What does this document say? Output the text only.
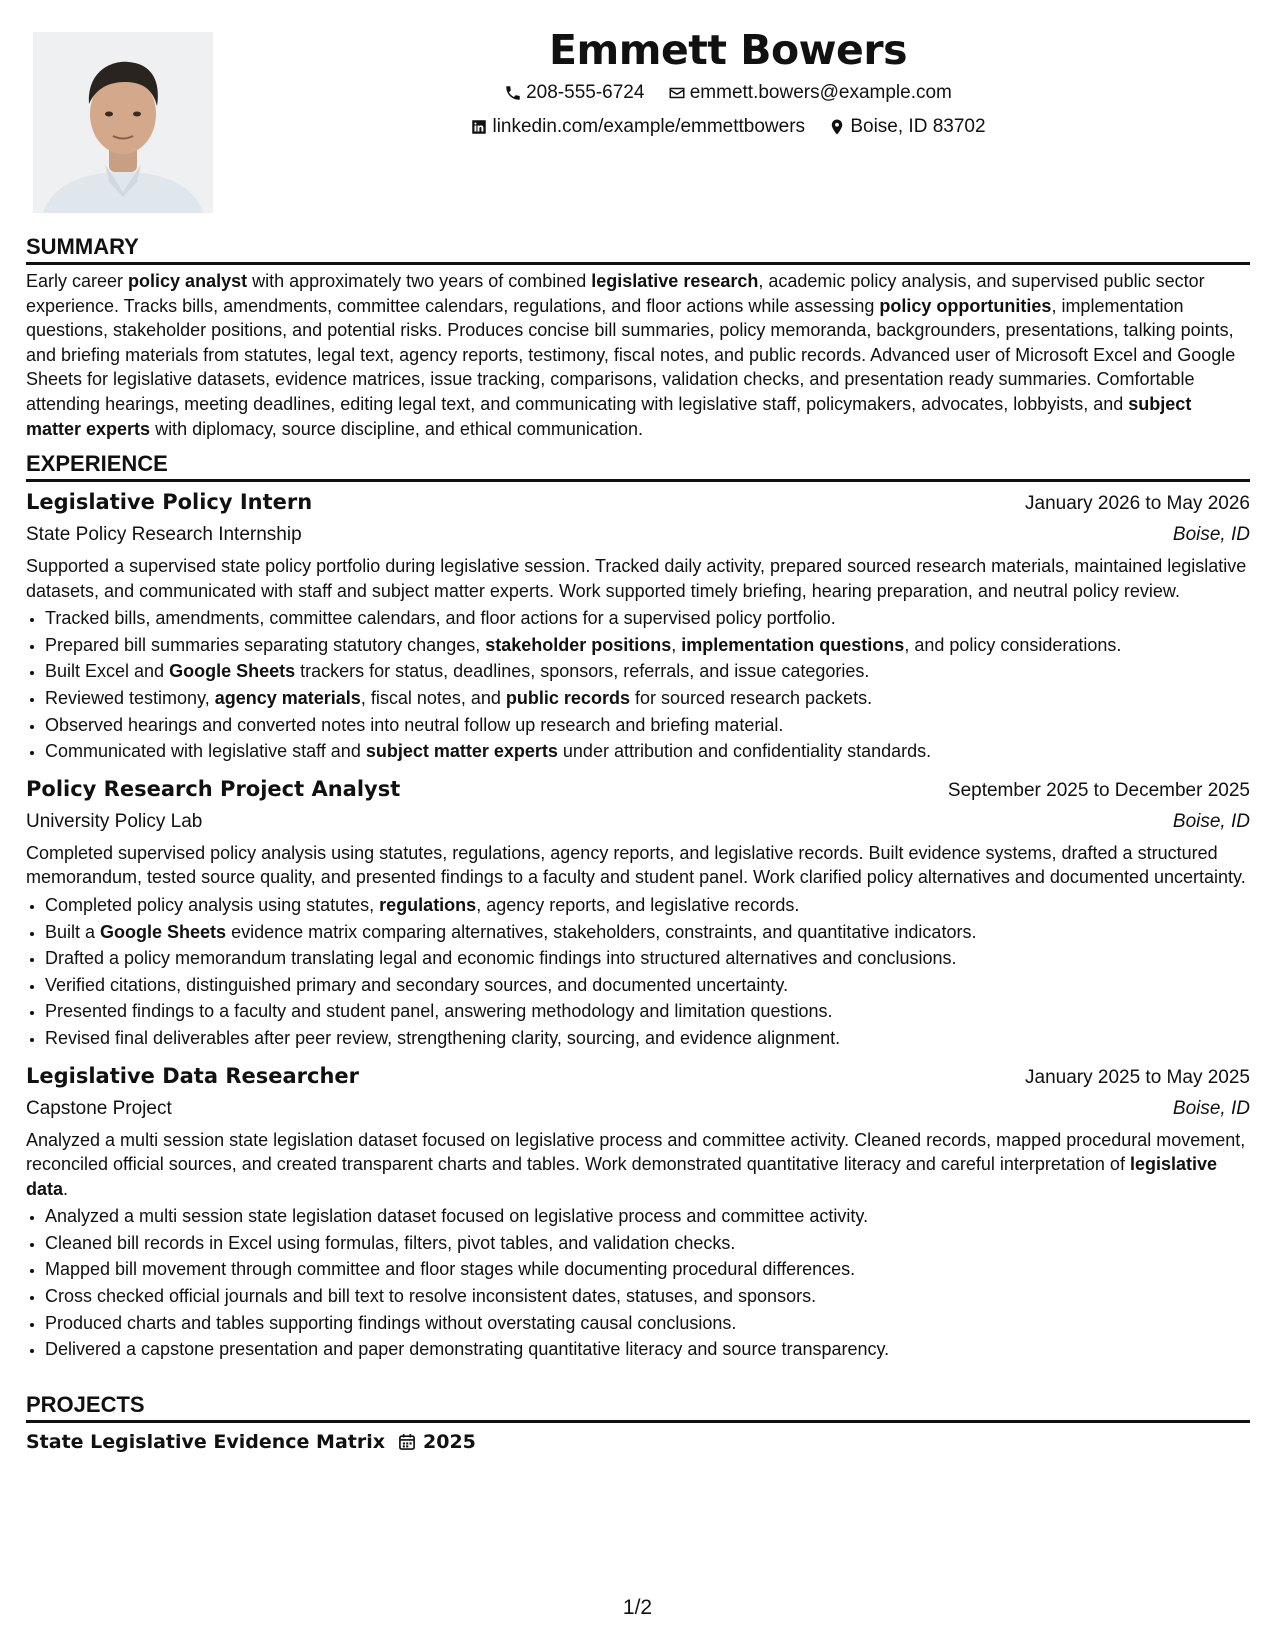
Emmett Bowers
208-555-6724
emmett.bowers@example.com
linkedin.com/example/emmettbowers
Boise, ID 83702
SUMMARY

Early career policy analyst with approximately two years of combined legislative research, academic policy analysis, and supervised public sector experience. Tracks bills, amendments, committee calendars, regulations, and floor actions while assessing policy opportunities, implementation questions, stakeholder positions, and potential risks. Produces concise bill summaries, policy memoranda, backgrounders, presentations, talking points, and briefing materials from statutes, legal text, agency reports, testimony, fiscal notes, and public records. Advanced user of Microsoft Excel and Google Sheets for legislative datasets, evidence matrices, issue tracking, comparisons, validation checks, and presentation ready summaries. Comfortable attending hearings, meeting deadlines, editing legal text, and communicating with legislative staff, policymakers, advocates, lobbyists, and subject matter experts with diplomacy, source discipline, and ethical communication.

EXPERIENCE
Legislative Policy Intern	January 2026 to May 2026
State Policy Research Internship	Boise, ID

Supported a supervised state policy portfolio during legislative session. Tracked daily activity, prepared sourced research materials, maintained legislative datasets, and communicated with staff and subject matter experts. Work supported timely briefing, hearing preparation, and neutral policy review.

• Tracked bills, amendments, committee calendars, and floor actions for a supervised policy portfolio.
• Prepared bill summaries separating statutory changes, stakeholder positions, implementation questions, and policy considerations.
• Built Excel and Google Sheets trackers for status, deadlines, sponsors, referrals, and issue categories.
• Reviewed testimony, agency materials, fiscal notes, and public records for sourced research packets.
• Observed hearings and converted notes into neutral follow up research and briefing material.
• Communicated with legislative staff and subject matter experts under attribution and confidentiality standards.
Policy Research Project Analyst	September 2025 to December 2025
University Policy Lab	Boise, ID

Completed supervised policy analysis using statutes, regulations, agency reports, and legislative records. Built evidence systems, drafted a structured memorandum, tested source quality, and presented findings to a faculty and student panel. Work clarified policy alternatives and documented uncertainty.

• Completed policy analysis using statutes, regulations, agency reports, and legislative records.
• Built a Google Sheets evidence matrix comparing alternatives, stakeholders, constraints, and quantitative indicators.
• Drafted a policy memorandum translating legal and economic findings into structured alternatives and conclusions.
• Verified citations, distinguished primary and secondary sources, and documented uncertainty.
• Presented findings to a faculty and student panel, answering methodology and limitation questions.
• Revised final deliverables after peer review, strengthening clarity, sourcing, and evidence alignment.
Legislative Data Researcher	January 2025 to May 2025
Capstone Project	Boise, ID

Analyzed a multi session state legislation dataset focused on legislative process and committee activity. Cleaned records, mapped procedural movement, reconciled official sources, and created transparent charts and tables. Work demonstrated quantitative literacy and careful interpretation of legislative data.

• Analyzed a multi session state legislation dataset focused on legislative process and committee activity.
• Cleaned bill records in Excel using formulas, filters, pivot tables, and validation checks.
• Mapped bill movement through committee and floor stages while documenting procedural differences.
• Cross checked official journals and bill text to resolve inconsistent dates, statuses, and sponsors.
• Produced charts and tables supporting findings without overstating causal conclusions.
• Delivered a capstone presentation and paper demonstrating quantitative literacy and source transparency.
PROJECTS
State Legislative Evidence Matrix 2025
1/2
